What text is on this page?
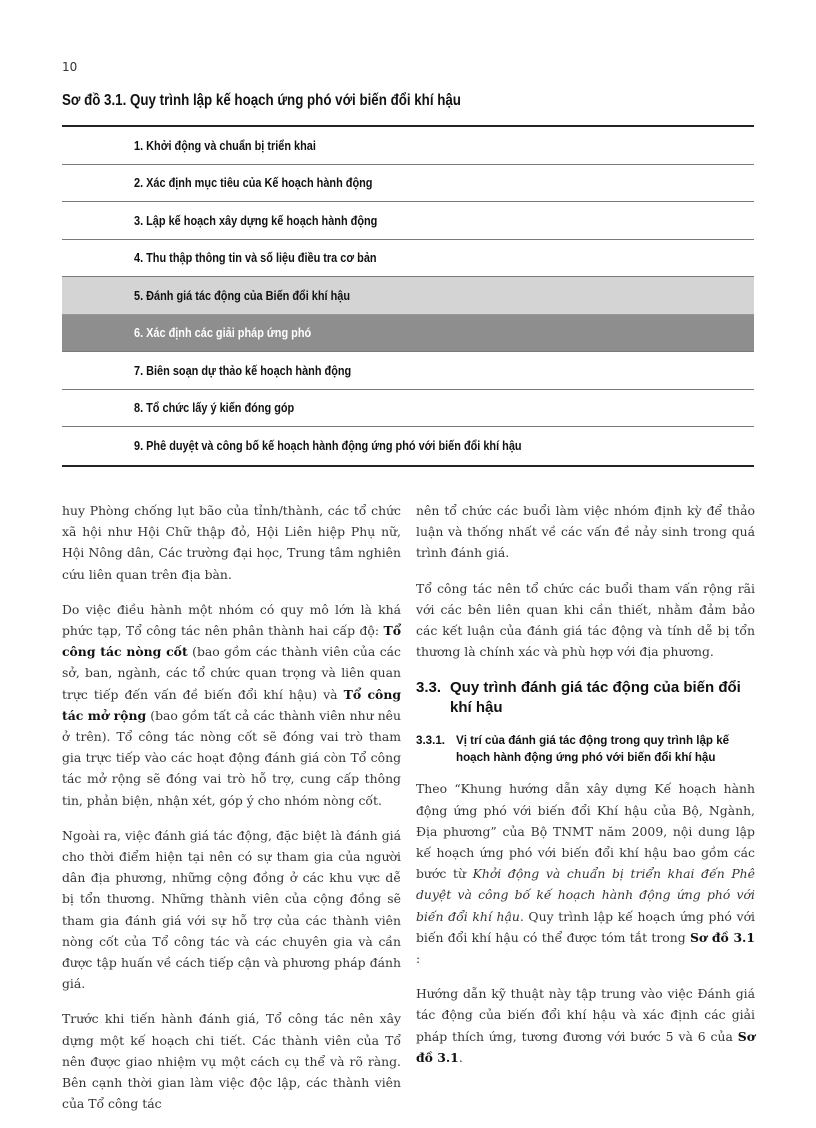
10
Sơ đồ 3.1. Quy trình lập kế hoạch ứng phó với biến đổi khí hậu
1. Khởi động và chuẩn bị triển khai
2. Xác định mục tiêu của Kế hoạch hành động
3. Lập kế hoạch xây dựng kế hoạch hành động
4. Thu thập thông tin và số liệu điều tra cơ bản
5. Đánh giá tác động của Biến đổi khí hậu
6. Xác định các giải pháp ứng phó
7. Biên soạn dự thảo kế hoạch hành động
8. Tổ chức lấy ý kiến đóng góp
9. Phê duyệt và công bố kế hoạch hành động ứng phó với biến đổi khí hậu

huy Phòng chống lụt bão của tỉnh/thành, các tổ chức xã hội như Hội Chữ thập đỏ, Hội Liên hiệp Phụ nữ, Hội Nông dân, Các trường đại học, Trung tâm nghiên cứu liên quan trên địa bàn.

Do việc điều hành một nhóm có quy mô lớn là khá phức tạp, Tổ công tác nên phân thành hai cấp độ: Tổ công tác nòng cốt (bao gồm các thành viên của các sở, ban, ngành, các tổ chức quan trọng và liên quan trực tiếp đến vấn đề biến đổi khí hậu) và Tổ công tác mở rộng (bao gồm tất cả các thành viên như nêu ở trên). Tổ công tác nòng cốt sẽ đóng vai trò tham gia trực tiếp vào các hoạt động đánh giá còn Tổ công tác mở rộng sẽ đóng vai trò hỗ trợ, cung cấp thông tin, phản biện, nhận xét, góp ý cho nhóm nòng cốt.

Ngoài ra, việc đánh giá tác động, đặc biệt là đánh giá cho thời điểm hiện tại nên có sự tham gia của người dân địa phương, những cộng đồng ở các khu vực dễ bị tổn thương. Những thành viên của cộng đồng sẽ tham gia đánh giá với sự hỗ trợ của các thành viên nòng cốt của Tổ công tác và các chuyên gia và cần được tập huấn về cách tiếp cận và phương pháp đánh giá.

Trước khi tiến hành đánh giá, Tổ công tác nên xây dựng một kế hoạch chi tiết. Các thành viên của Tổ nên được giao nhiệm vụ một cách cụ thể và rõ ràng. Bên cạnh thời gian làm việc độc lập, các thành viên của Tổ công tác

nên tổ chức các buổi làm việc nhóm định kỳ để thảo luận và thống nhất về các vấn đề nảy sinh trong quá trình đánh giá.

Tổ công tác nên tổ chức các buổi tham vấn rộng rãi với các bên liên quan khi cần thiết, nhằm đảm bảo các kết luận của đánh giá tác động và tính dễ bị tổn thương là chính xác và phù hợp với địa phương.

3.3. Quy trình đánh giá tác động của biến đổi khí hậu
3.3.1. Vị trí của đánh giá tác động trong quy trình lập kế hoạch hành động ứng phó với biến đổi khí hậu

Theo “Khung hướng dẫn xây dựng Kế hoạch hành động ứng phó với biến đổi Khí hậu của Bộ, Ngành, Địa phương” của Bộ TNMT năm 2009, nội dung lập kế hoạch ứng phó với biến đổi khí hậu bao gồm các bước từ Khởi động và chuẩn bị triển khai đến Phê duyệt và công bố kế hoạch hành động ứng phó với biến đổi khí hậu. Quy trình lập kế hoạch ứng phó với biến đổi khí hậu có thể được tóm tắt trong Sơ đồ 3.1 :

Hướng dẫn kỹ thuật này tập trung vào việc Đánh giá tác động của biến đổi khí hậu và xác định các giải pháp thích ứng, tương đương với bước 5 và 6 của Sơ đồ 3.1.
